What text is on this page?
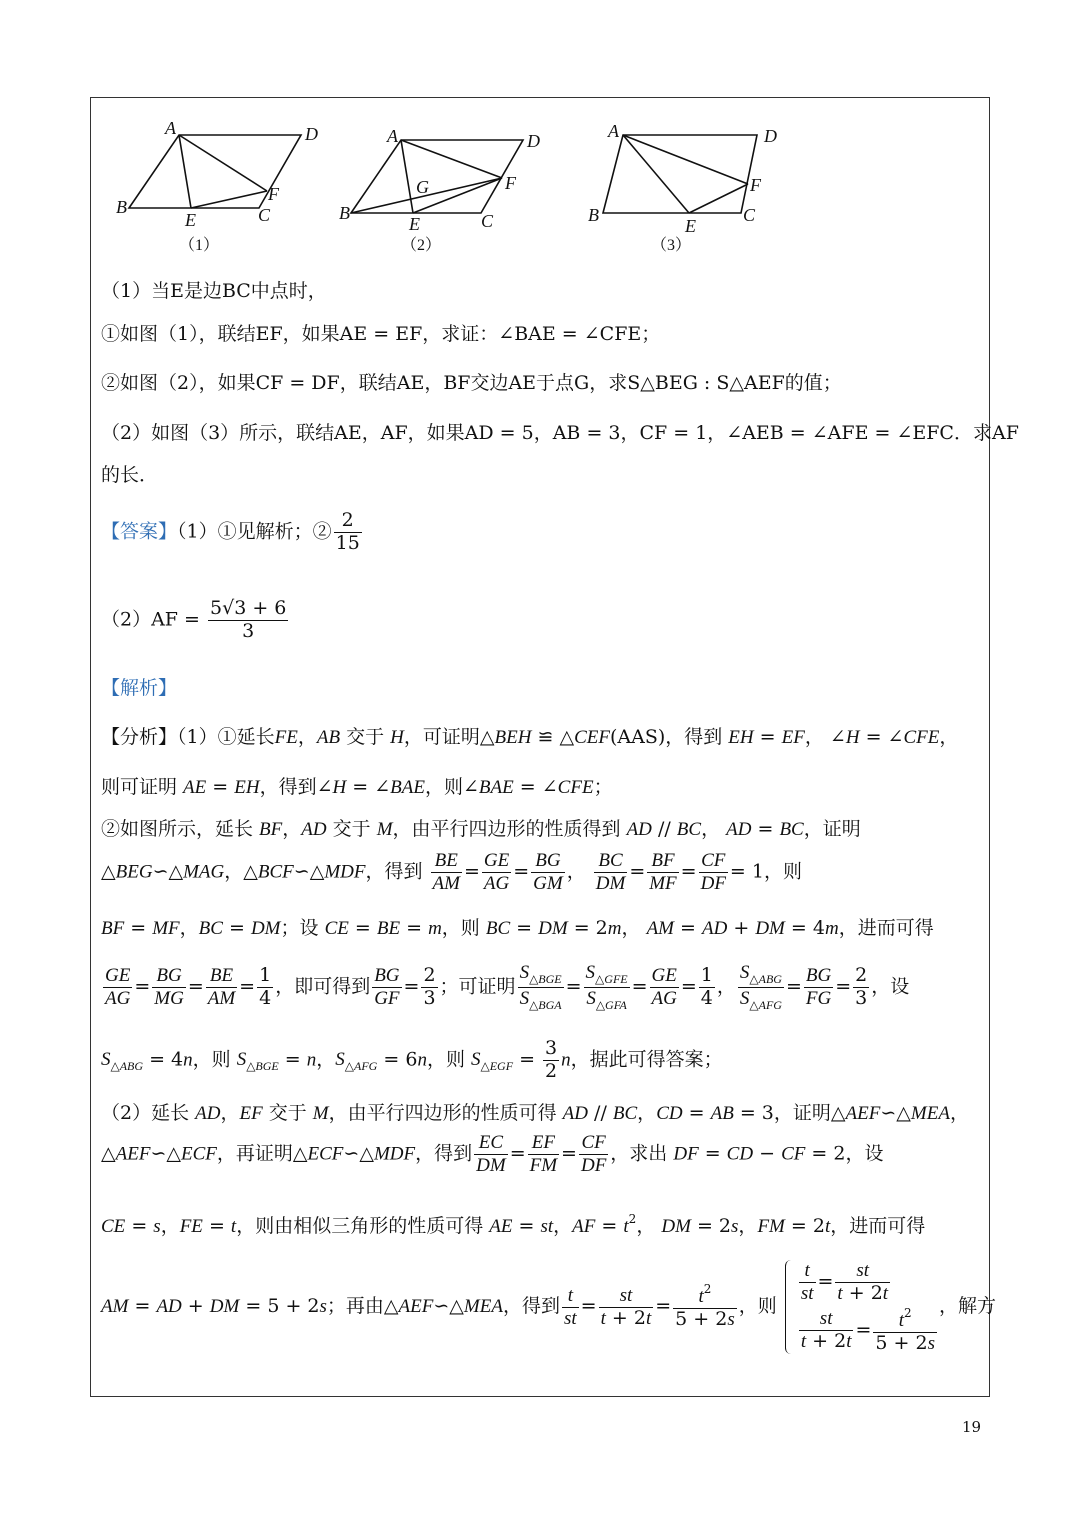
A	D
B
E	C
F
A	D
B
E	C
F
G
A	D
B
E
C
F
（1）	（2）	（3）
（1）当E是边BC中点时，
①如图（1），联结EF，如果AE = EF，求证：∠BAE = ∠CFE；
②如图（2），如果CF = DF，联结AE，BF交边AE于点G，求S△BEG : S△AEF的值；
（2）如图（3）所示，联结AE，AF，如果AD = 5，AB = 3，CF = 1，∠AEB = ∠AFE = ∠EFC．求AF
的长．
【答案】（1）①见解析；② $\frac{2}{15}$
$(2)AF = \frac{5√3 + 6}{3}$
【解析】
【分析】（1）①延长FE，AB 交于 H，可证明△BEH ≌ △CEF(AAS)，得到 EH = EF， ∠H = ∠CFE，
则可证明 AE = EH，得到∠H = ∠BAE，则∠BAE = ∠CFE；
②如图所示，延长 BF，AD 交于 M，由平行四边形的性质得到 AD // BC， AD = BC，证明
△BEG∽△MAG，△BCF∽△MDF，得到 $\frac{BE}{AM} = \frac{GE}{AG} = \frac{BG}{GM}$ ， $\frac{BC}{DM} = \frac{BF}{MF} = \frac{CF}{DF} = 1$，则
BF = MF，BC = DM；设 CE = BE = m，则 BC = DM = 2m， AM = AD + DM = 4m，进而可得
$\frac{GE}{AG} = \frac{BG}{MG} = \frac{BE}{AM} = \frac{1}{4}$ ，即可得到 $\frac{BG}{GF} = \frac{2}{3}$ ；可证明 $\frac{S_{\triangle BGE}}{S_{\triangle BGA}} = \frac{S_{\triangle GFE}}{S_{\triangle GFA}} = \frac{GE}{AG} = \frac{1}{4}$ ， $\frac{S_{\triangle ABG}}{S_{\triangle AFG}} = \frac{BG}{FG} = \frac{2}{3}$ ，设
$S_{\triangle ABG} = 4n$，则 $S_{\triangle BGE} = n$，$S_{\triangle AFG} = 6n$，则 $S_{\triangle EGF} = \frac{3}{2}$ n，据此可得答案；
（2）延长 AD，EF 交于 M，由平行四边形的性质可得 AD // BC，CD = AB = 3，证明△AEF∽△MEA，
△AEF∽△ECF，再证明△ECF∽△MDF，得到 $\frac{EC}{DM} = \frac{EF}{FM} = \frac{CF}{DF}$ ，求出 DF = CD − CF = 2，设
CE = s，FE = t，则由相似三角形的性质可得 AE = st，AF = $t^2$， DM = 2s，FM = 2t，进而可得
AM = AD + DM = 5 + 2s；再由△AEF∽△MEA，得到 $\frac{t}{st} = \frac{st}{t + 2t} = \frac{t^2}{5 + 2s}$ ，则
$\frac{t}{st} = \frac{st}{t + 2t}$
$\frac{st}{t + 2t} = \frac{t^2}{5 + 2s}$
，解方
19
